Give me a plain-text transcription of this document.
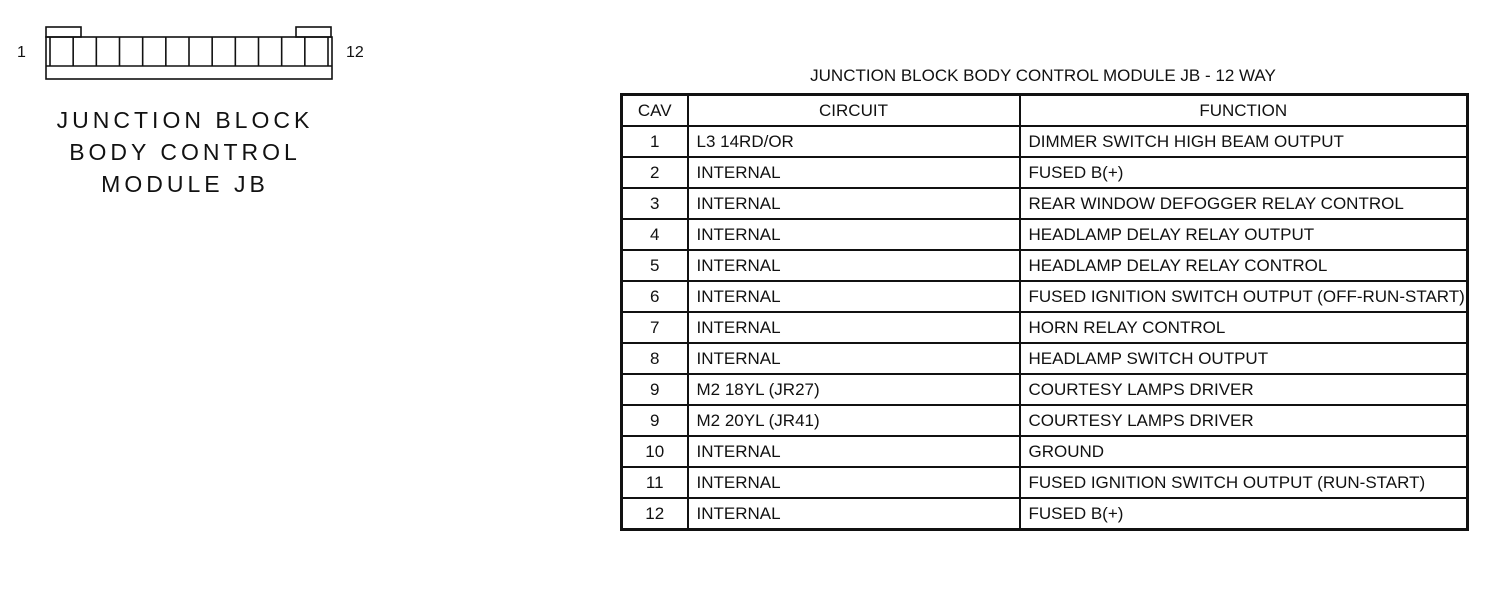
1	12
JUNCTION BLOCK
BODY CONTROL
MODULE JB
JUNCTION BLOCK BODY CONTROL MODULE JB - 12 WAY
CAV	CIRCUIT	FUNCTION
1	L3 14RD/OR	DIMMER SWITCH HIGH BEAM OUTPUT
2	INTERNAL	FUSED B(+)
3	INTERNAL	REAR WINDOW DEFOGGER RELAY CONTROL
4	INTERNAL	HEADLAMP DELAY RELAY OUTPUT
5	INTERNAL	HEADLAMP DELAY RELAY CONTROL
6	INTERNAL	FUSED IGNITION SWITCH OUTPUT (OFF-RUN-START)
7	INTERNAL	HORN RELAY CONTROL
8	INTERNAL	HEADLAMP SWITCH OUTPUT
9	M2 18YL (JR27)	COURTESY LAMPS DRIVER
9	M2 20YL (JR41)	COURTESY LAMPS DRIVER
10	INTERNAL	GROUND
11	INTERNAL	FUSED IGNITION SWITCH OUTPUT (RUN-START)
12	INTERNAL	FUSED B(+)
